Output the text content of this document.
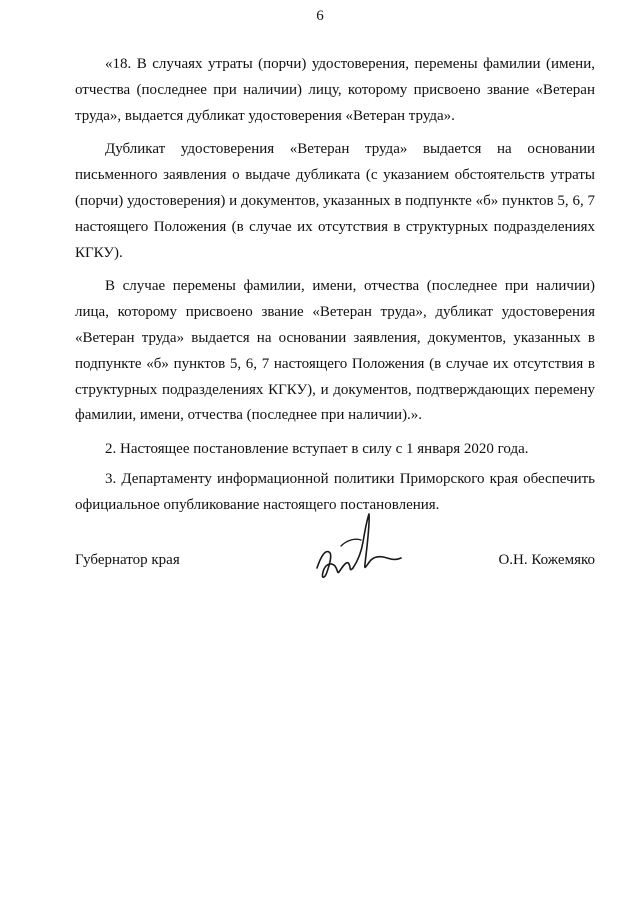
6

«18. В случаях утраты (порчи) удостоверения, перемены фамилии (имени, отчества (последнее при наличии) лицу, которому присвоено звание «Ветеран труда», выдается дубликат удостоверения «Ветеран труда».

Дубликат удостоверения «Ветеран труда» выдается на основании письменного заявления о выдаче дубликата (с указанием обстоятельств утраты (порчи) удостоверения) и документов, указанных в подпункте «б» пунктов 5, 6, 7 настоящего Положения (в случае их отсутствия в структурных подразделениях КГКУ).

В случае перемены фамилии, имени, отчества (последнее при наличии) лица, которому присвоено звание «Ветеран труда», дубликат удостоверения «Ветеран труда» выдается на основании заявления, документов, указанных в подпункте «б» пунктов 5, 6, 7 настоящего Положения (в случае их отсутствия в структурных подразделениях КГКУ), и документов, подтверждающих перемену фамилии, имени, отчества (последнее при наличии).».

2. Настоящее постановление вступает в силу с 1 января 2020 года.

3. Департаменту информационной политики Приморского края обеспечить официальное опубликование настоящего постановления.

Губернатор края	О.Н. Кожемяко
